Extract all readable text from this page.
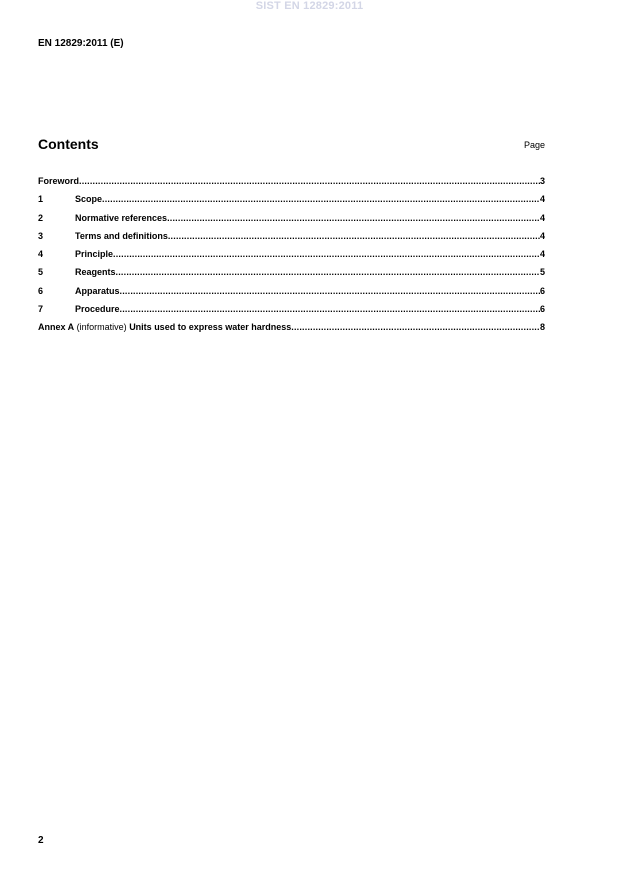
SIST EN 12829:2011
EN 12829:2011 (E)
Contents	Page
Foreword .....	3
1	Scope .....	4
2	Normative references .....	4
3	Terms and definitions .....	4
4	Principle .....	4
5	Reagents .....	5
6	Apparatus .....	6
7	Procedure .....	6
Annex A (informative) Units used to express water hardness .....	8
2
